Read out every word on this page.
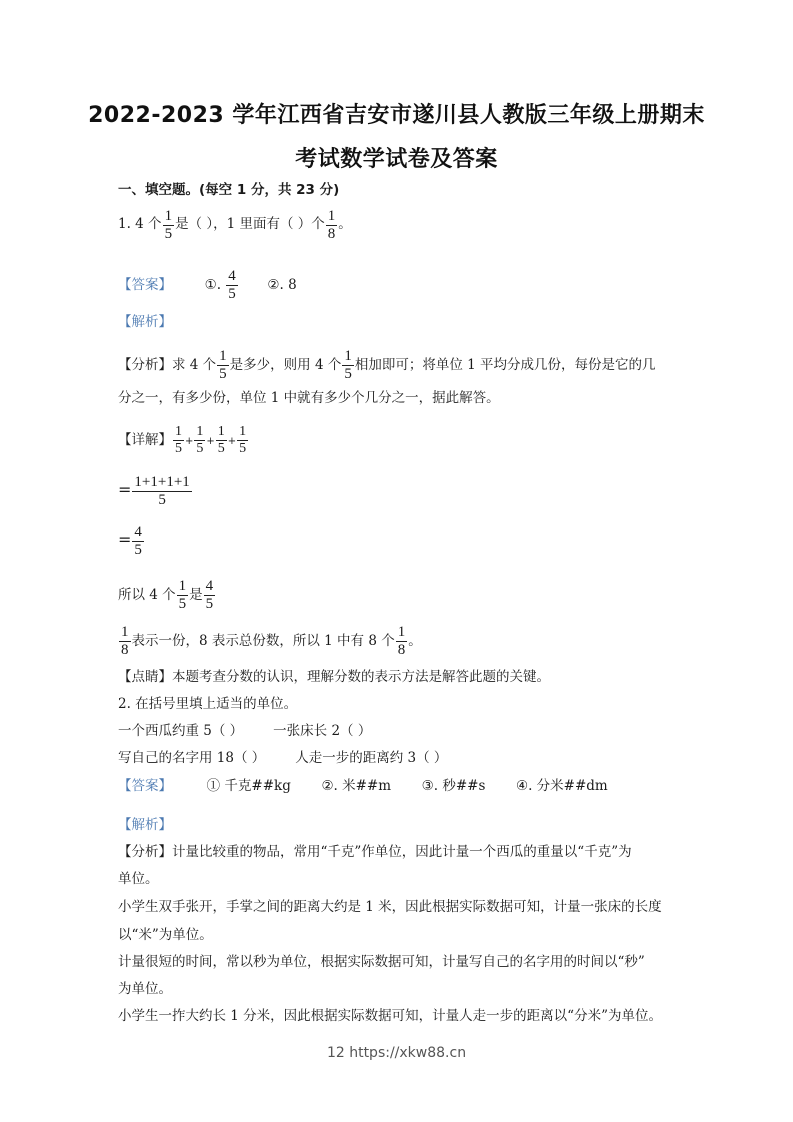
2022-2023 学年江西省吉安市遂川县人教版三年级上册期末
考试数学试卷及答案
一、填空题。(每空 1 分，共 23 分)
1. 4 个 $\frac{1}{5}$ 是（ ），1 里面有（ ）个 $\frac{1}{8}$ 。
【答案】 ①. $\frac{4}{5}$ ②. 8
【解析】
【分析】求 4 个 $\frac{1}{5}$ 是多少，则用 4 个 $\frac{1}{5}$ 相加即可；将单位 1 平均分成几份，每份是它的几
分之一，有多少份，单位 1 中就有多少个几分之一，据此解答。
【详解】 $\frac{1}{5} + \frac{1}{5} + \frac{1}{5} + \frac{1}{5}$
= $\frac{1+1+1+1}{5}$
= $\frac{4}{5}$
所以 4 个 $\frac{1}{5}$ 是 $\frac{4}{5}$
$\frac{1}{8}$ 表示一份，8 表示总份数，所以 1 中有 8 个 $\frac{1}{8}$ 。
【点睛】本题考查分数的认识，理解分数的表示方法是解答此题的关键。
2. 在括号里填上适当的单位。
一个西瓜约重 5（ ） 一张床长 2（ ）
写自己的名字用 18（ ） 人走一步的距离约 3（ ）
【答案】	① 千克##kg ②. 米##m ③. 秒##s ④. 分米##dm
【解析】
【分析】计量比较重的物品，常用“千克”作单位，因此计量一个西瓜的重量以“千克”为
单位。
小学生双手张开，手掌之间的距离大约是 1 米，因此根据实际数据可知，计量一张床的长度
以“米”为单位。
计量很短的时间，常以秒为单位，根据实际数据可知，计量写自己的名字用的时间以“秒”
为单位。
小学生一拃大约长 1 分米，因此根据实际数据可知，计量人走一步的距离以“分米”为单位。
12 https://xkw88.cn
